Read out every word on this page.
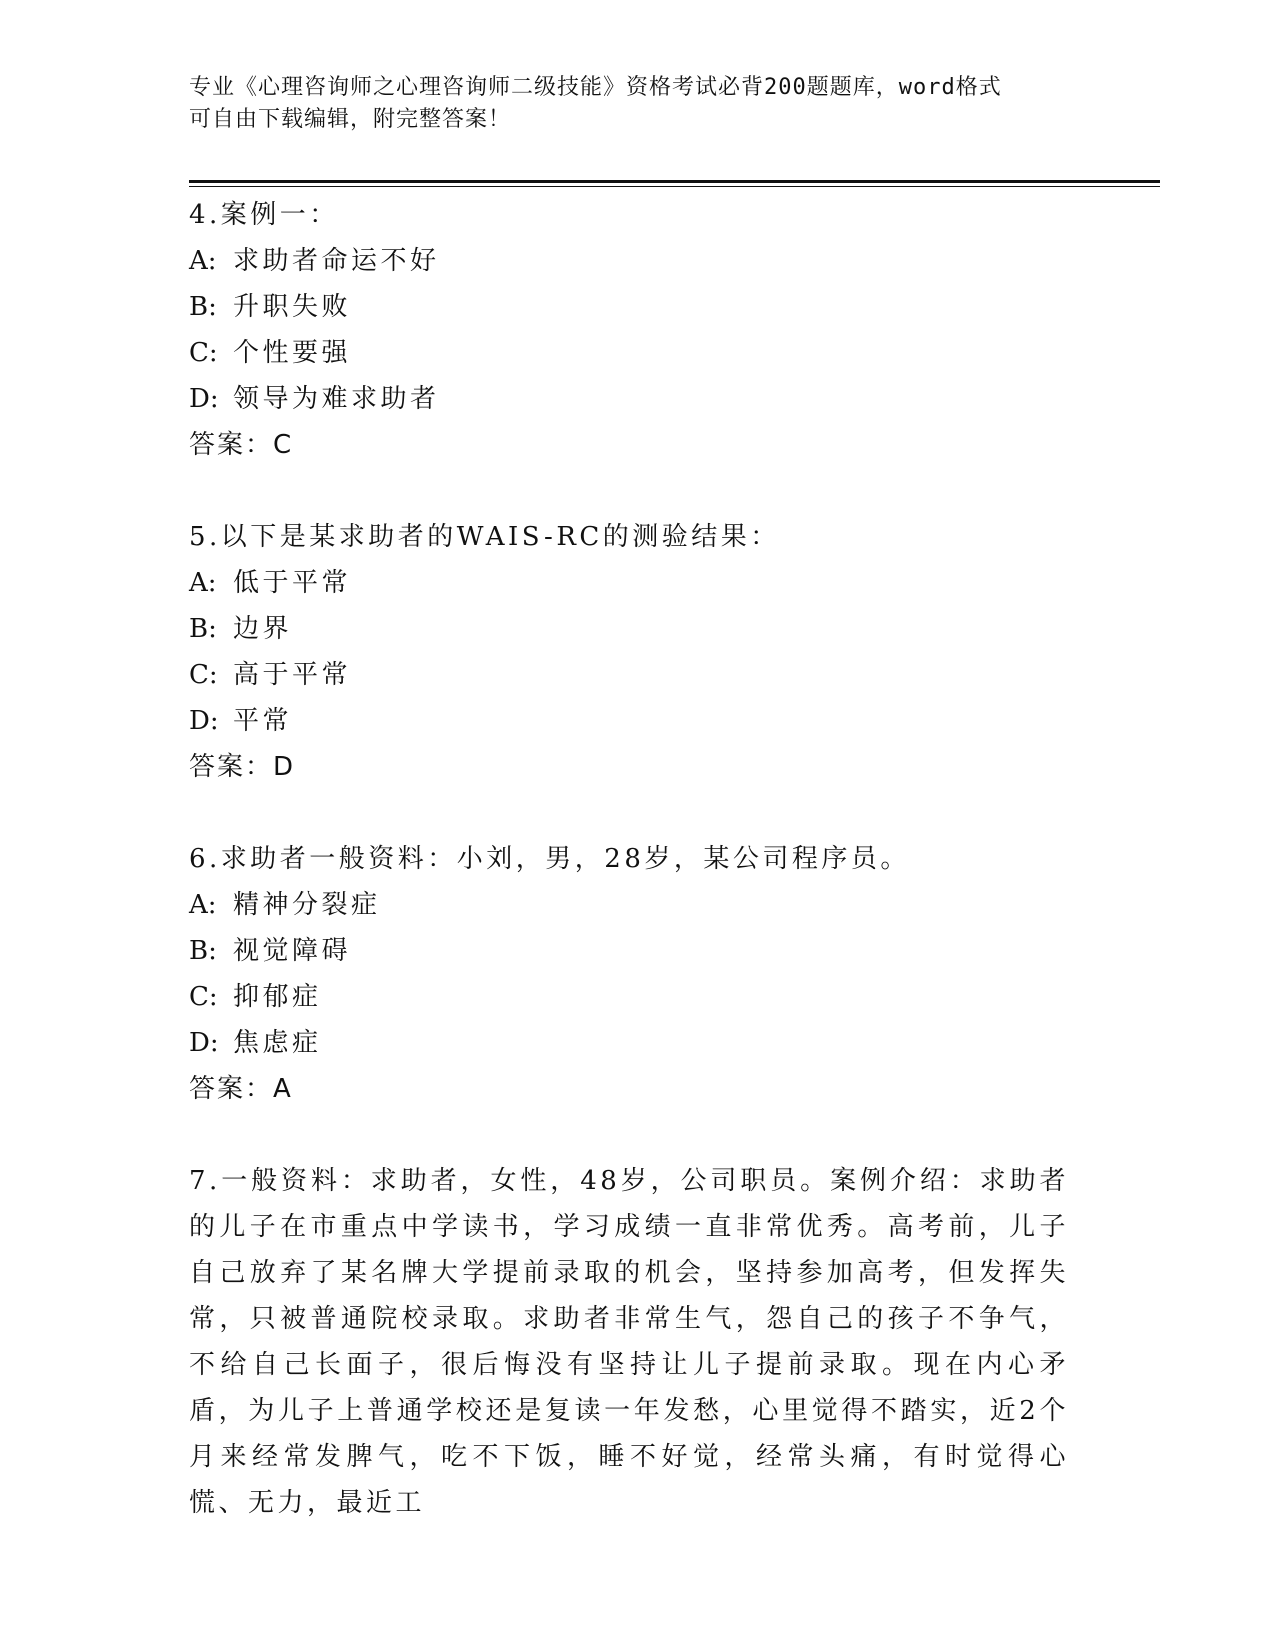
专业《心理咨询师之心理咨询师二级技能》资格考试必背200题题库，word格式
可自由下载编辑，附完整答案！
4.案例一：
A: 求助者命运不好
B: 升职失败
C: 个性要强
D: 领导为难求助者
答案：C
5.以下是某求助者的WAIS-RC的测验结果：
A: 低于平常
B: 边界
C: 高于平常
D: 平常
答案：D
6.求助者一般资料：小刘，男，28岁，某公司程序员。
A: 精神分裂症
B: 视觉障碍
C: 抑郁症
D: 焦虑症
答案：A
7.一般资料：求助者，女性，48岁，公司职员。案例介绍：求助者的儿子在市重点中学读书，学习成绩一直非常优秀。高考前，儿子自己放弃了某名牌大学提前录取的机会，坚持参加高考，但发挥失常，只被普通院校录取。求助者非常生气，怨自己的孩子不争气，不给自己长面子，很后悔没有坚持让儿子提前录取。现在内心矛盾，为儿子上普通学校还是复读一年发愁，心里觉得不踏实，近2个月来经常发脾气，吃不下饭，睡不好觉，经常头痛，有时觉得心慌、无力，最近工
